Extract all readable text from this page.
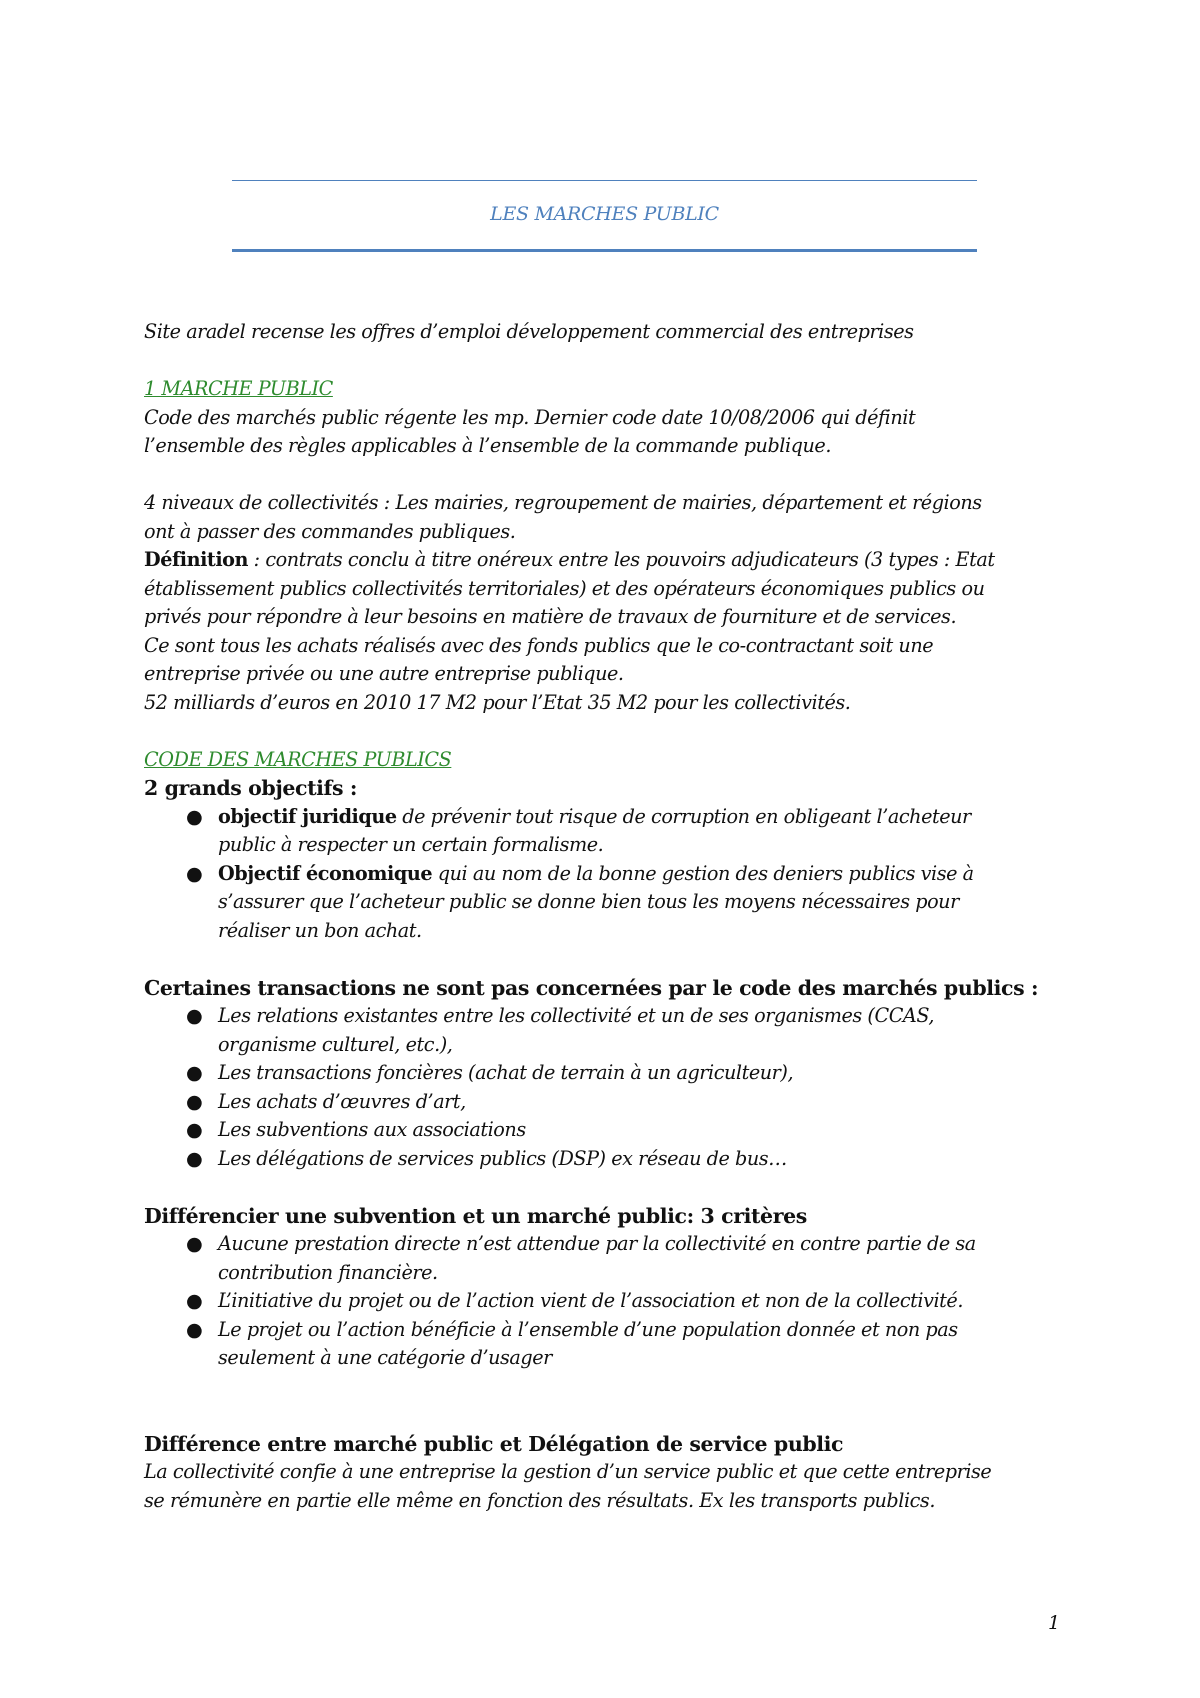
LES MARCHES PUBLIC

Site aradel recense les offres d’emploi développement commercial des entreprises

1 MARCHE PUBLIC

Code des marchés public régente les mp. Dernier code date 10/08/2006 qui définit

l’ensemble des règles applicables à l’ensemble de la commande publique.

4 niveaux de collectivités : Les mairies, regroupement de mairies, département et régions

ont à passer des commandes publiques.

Définition : contrats conclu à titre onéreux entre les pouvoirs adjudicateurs (3 types : Etat

établissement publics collectivités territoriales) et des opérateurs économiques publics ou

privés pour répondre à leur besoins en matière de travaux de fourniture et de services.

Ce sont tous les achats réalisés avec des fonds publics que le co-contractant soit une

entreprise privée ou une autre entreprise publique.

52 milliards d’euros en 2010 17 M2 pour l’Etat 35 M2 pour les collectivités.

CODE DES MARCHES PUBLICS

2 grands objectifs :

● objectif juridique de prévenir tout risque de corruption en obligeant l’acheteur
public à respecter un certain formalisme.
● Objectif économique qui au nom de la bonne gestion des deniers publics vise à
s’assurer que l’acheteur public se donne bien tous les moyens nécessaires pour
réaliser un bon achat.

Certaines transactions ne sont pas concernées par le code des marchés publics :

● Les relations existantes entre les collectivité et un de ses organismes (CCAS,
organisme culturel, etc.),
● Les transactions foncières (achat de terrain à un agriculteur),
● Les achats d’œuvres d’art,
● Les subventions aux associations
● Les délégations de services publics (DSP) ex réseau de bus…

Différencier une subvention et un marché public: 3 critères

● Aucune prestation directe n’est attendue par la collectivité en contre partie de sa
contribution financière.
● L’initiative du projet ou de l’action vient de l’association et non de la collectivité.
● Le projet ou l’action bénéficie à l’ensemble d’une population donnée et non pas
seulement à une catégorie d’usager

Différence entre marché public et Délégation de service public

La collectivité confie à une entreprise la gestion d’un service public et que cette entreprise

se rémunère en partie elle même en fonction des résultats. Ex les transports publics.

1
